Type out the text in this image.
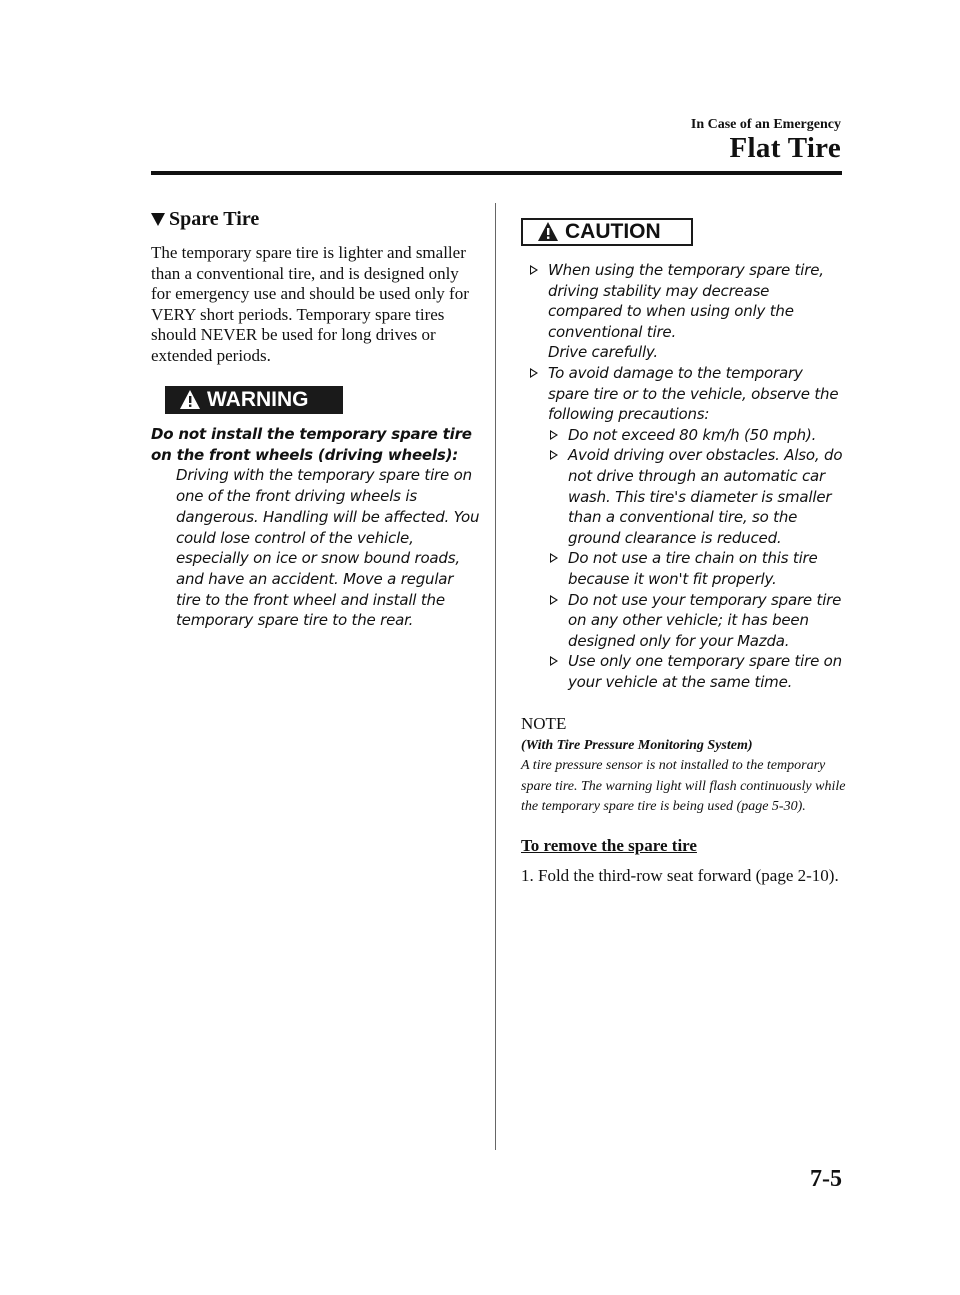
In Case of an Emergency
Flat Tire
Spare Tire

The temporary spare tire is lighter and smaller than a conventional tire, and is designed only for emergency use and should be used only for VERY short periods. Temporary spare tires should NEVER be used for long drives or extended periods.

WARNING

Do not install the temporary spare tire on the front wheels (driving wheels):

Driving with the temporary spare tire on one of the front driving wheels is dangerous. Handling will be affected. You could lose control of the vehicle, especially on ice or snow bound roads, and have an accident. Move a regular tire to the front wheel and install the temporary spare tire to the rear.

CAUTION
When using the temporary spare tire, driving stability may decrease compared to when using only the conventional tire.
Drive carefully.
To avoid damage to the temporary spare tire or to the vehicle, observe the following precautions:
Do not exceed 80 km/h (50 mph).
Avoid driving over obstacles. Also, do not drive through an automatic car wash. This tire's diameter is smaller than a conventional tire, so the ground clearance is reduced.
Do not use a tire chain on this tire because it won't fit properly.
Do not use your temporary spare tire on any other vehicle; it has been designed only for your Mazda.
Use only one temporary spare tire on your vehicle at the same time.

NOTE

(With Tire Pressure Monitoring System)

A tire pressure sensor is not installed to the temporary spare tire. The warning light will flash continuously while the temporary spare tire is being used (page 5-30).

To remove the spare tire

1. Fold the third-row seat forward (page 2-10).

7-5
